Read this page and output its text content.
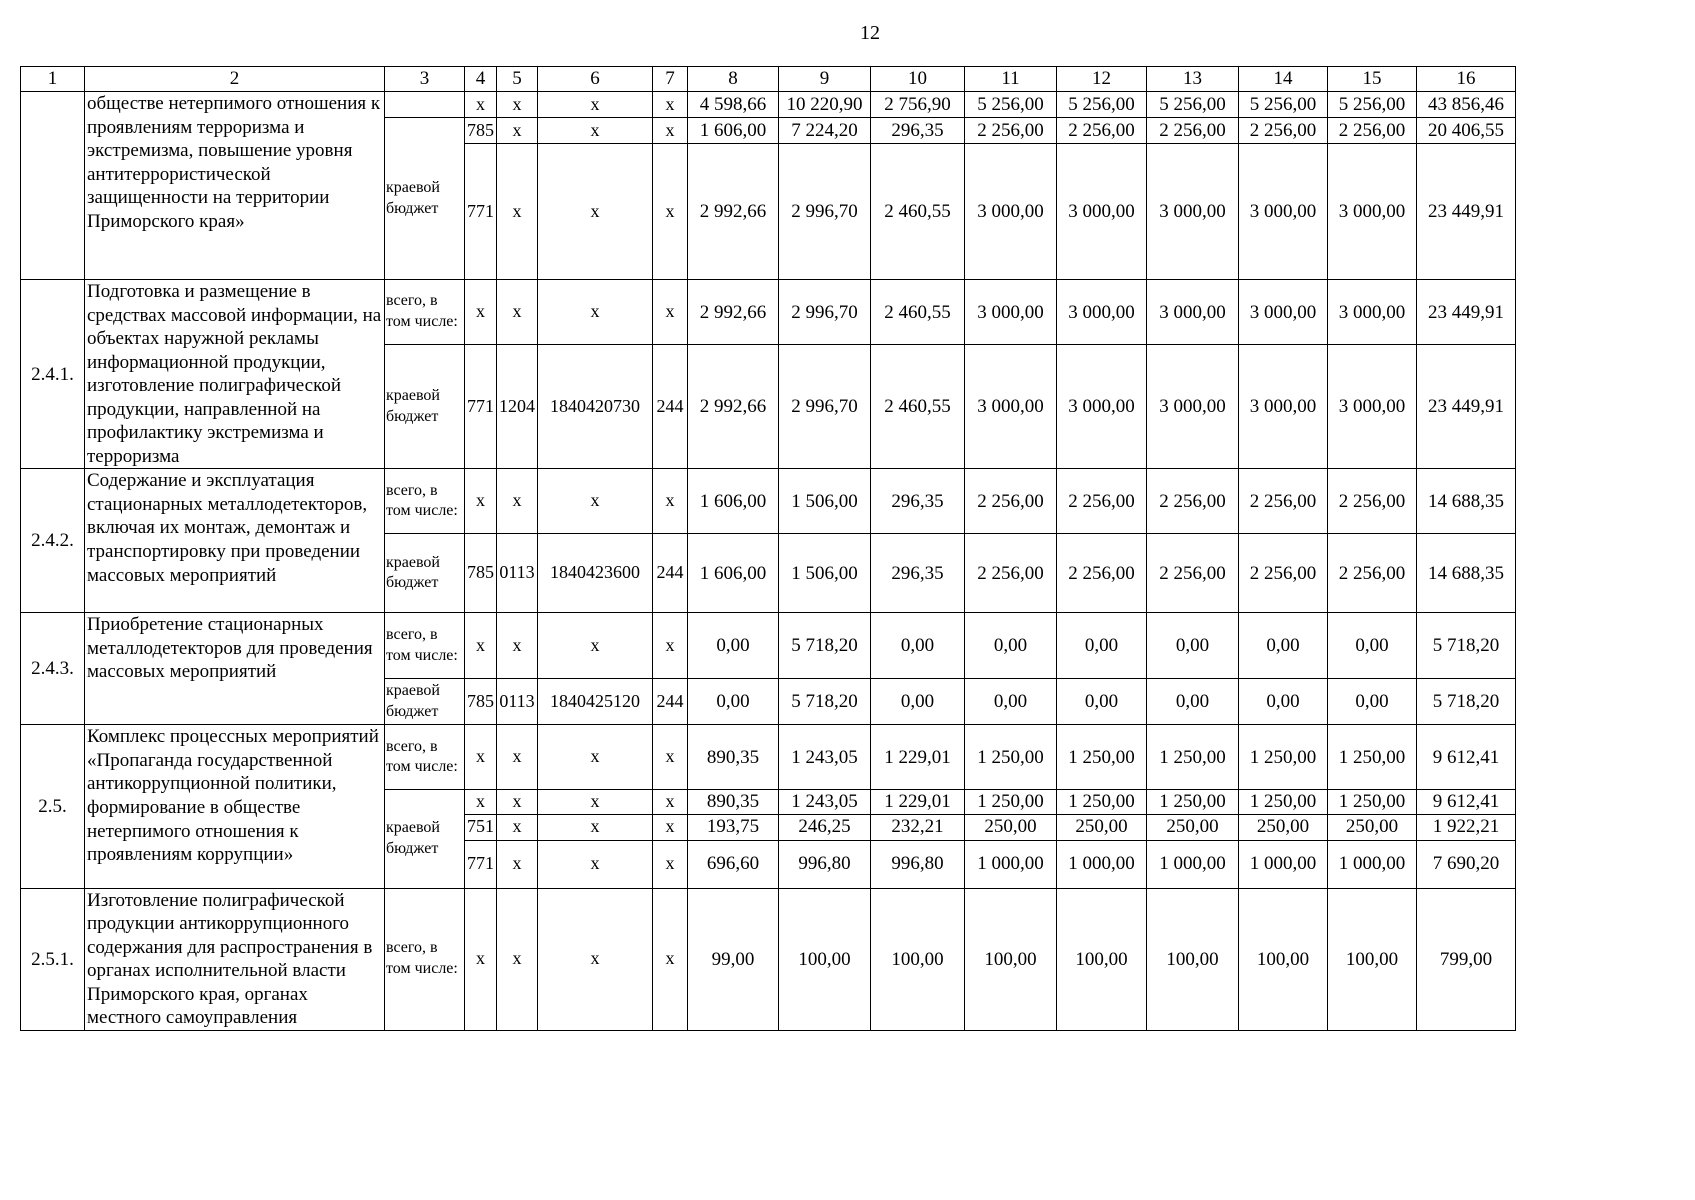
12
1	2	3	4	5	6	7	8	9	10	11	12	13	14	15	16
	обществе нетерпимого отношения к проявлениям терроризма и экстремизма, повышение уровня антитеррористической защищенности на территории Приморского края»		х	х	х	х	4 598,66	10 220,90	2 756,90	5 256,00	5 256,00	5 256,00	5 256,00	5 256,00	43 856,46
		краевой бюджет	785	х	х	х	1 606,00	7 224,20	296,35	2 256,00	2 256,00	2 256,00	2 256,00	2 256,00	20 406,55
			771	х	х	х	2 992,66	2 996,70	2 460,55	3 000,00	3 000,00	3 000,00	3 000,00	3 000,00	23 449,91
2.4.1.	Подготовка и размещение в средствах массовой информации, на объектах наружной рекламы информационной продукции, изготовление полиграфической продукции, направленной на профилактику экстремизма и терроризма	всего, в том числе:	х	х	х	х	2 992,66	2 996,70	2 460,55	3 000,00	3 000,00	3 000,00	3 000,00	3 000,00	23 449,91
		краевой бюджет	771	1204	1840420730	244	2 992,66	2 996,70	2 460,55	3 000,00	3 000,00	3 000,00	3 000,00	3 000,00	23 449,91
2.4.2.	Содержание и эксплуатация стационарных металлодетекторов, включая их монтаж, демонтаж и транспортировку при проведении массовых мероприятий	всего, в том числе:	х	х	х	х	1 606,00	1 506,00	296,35	2 256,00	2 256,00	2 256,00	2 256,00	2 256,00	14 688,35
		краевой бюджет	785	0113	1840423600	244	1 606,00	1 506,00	296,35	2 256,00	2 256,00	2 256,00	2 256,00	2 256,00	14 688,35
2.4.3.	Приобретение стационарных металлодетекторов для проведения массовых мероприятий	всего, в том числе:	х	х	х	х	0,00	5 718,20	0,00	0,00	0,00	0,00	0,00	0,00	5 718,20
		краевой бюджет	785	0113	1840425120	244	0,00	5 718,20	0,00	0,00	0,00	0,00	0,00	0,00	5 718,20
2.5.	Комплекс процессных мероприятий «Пропаганда государственной антикоррупционной политики, формирование в обществе нетерпимого отношения к проявлениям коррупции»	всего, в том числе:	х	х	х	х	890,35	1 243,05	1 229,01	1 250,00	1 250,00	1 250,00	1 250,00	1 250,00	9 612,41
		краевой бюджет	х	х	х	х	890,35	1 243,05	1 229,01	1 250,00	1 250,00	1 250,00	1 250,00	1 250,00	9 612,41
			751	х	х	х	193,75	246,25	232,21	250,00	250,00	250,00	250,00	250,00	1 922,21
			771	х	х	х	696,60	996,80	996,80	1 000,00	1 000,00	1 000,00	1 000,00	1 000,00	7 690,20
2.5.1.	Изготовление полиграфической продукции антикоррупционного содержания для распространения в органах исполнительной власти Приморского края, органах местного самоуправления	всего, в том числе:	х	х	х	х	99,00	100,00	100,00	100,00	100,00	100,00	100,00	100,00	799,00
